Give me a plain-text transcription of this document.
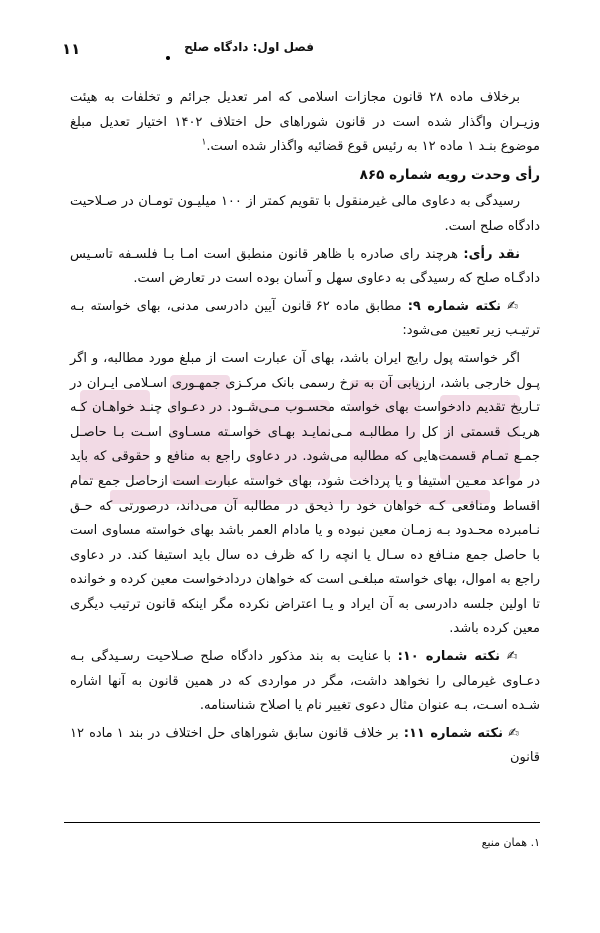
۱۱	فصل اول: دادگاه صلح

برخلاف ماده ۲۸ قانون مجازات اسلامی که امر تعدیل جرائم و تخلفات به هیئت وزیـران واگذار شده است در قانون شوراهای حل اختلاف ۱۴۰۲ اختیار تعدیل مبلغ موضوع بنـد ۱ ماده ۱۲ به رئیس قوع قضائیه واگذار شده است.$^۱$

رأی وحدت رویه شماره ۸۶۵

رسیدگی به دعاوی مالی غیرمنقول با تقویم کمتر از ۱۰۰ میلیـون تومـان در صـلاحیت دادگاه صلح است.

نقد رأی: هرچند رای صادره با ظاهر قانون منطبق است امـا بـا فلسـفه تاسـیس دادگـاه صلح که رسیدگی به دعاوی سهل و آسان بوده است در تعارض است.

✍ نکته شماره ۹: مطابق ماده ۶۲ قانون آیین دادرسی مدنی، بهای خواسته بـه ترتیـب زیر تعیین می‌شود:

اگر خواسته پول رایج ایران باشد، بهای آن عبارت است از مبلغ مورد مطالبه، و اگر پـول خارجی باشد، ارزیابی آن به نرخ رسمی بانک مرکـزی جمهـوری اسـلامی ایـران در تـاریخ تقدیم دادخواست بهای خواسته محسـوب مـی‌شـود. در دعـوای چنـد خواهـان کـه هریـک قسمتی از کل را مطالبـه مـی‌نمایـد بهـای خواسـته مسـاوی اسـت بـا حاصـل جمـع تمـام قسمت‌هایی که مطالبه می‌شود. در دعاوی راجع به منافع و حقوقی که باید در مواعد معـین استیفا و یا پرداخت شود، بهای خواسته عبارت است ازحاصل جمع تمام اقساط ومنافعی کـه خواهان خود را ذیحق در مطالبه آن می‌داند، درصورتی که حـق نـامبرده محـدود بـه زمـان معین نبوده و یا مادام العمر باشد بهای خواسته مساوی است با حاصل جمع منـافع ده سـال یا انچه را که ظرف ده سال باید استیفا کند. در دعاوی راجع به اموال، بهای خواسته مبلغـی است که خواهان دردادخواست معین کرده و خوانده تا اولین جلسه دادرسی به آن ایراد و یـا اعتراض نکرده مگر اینکه قانون ترتیب دیگری معین کرده باشد.

✍ نکته شماره ۱۰: با عنایت به بند مذکور دادگاه صلح صـلاحیت رسـیدگی بـه دعـاوی غیرمالی را نخواهد داشت، مگر در مواردی که در همین قانون به آنها اشاره شـده اسـت، بـه عنوان مثال دعوی تغییر نام یا اصلاح شناسنامه.

✍ نکته شماره ۱۱: بر خلاف قانون سابق شوراهای حل اختلاف در بند ۱ ماده ۱۲ قانون

۱. همان منبع
